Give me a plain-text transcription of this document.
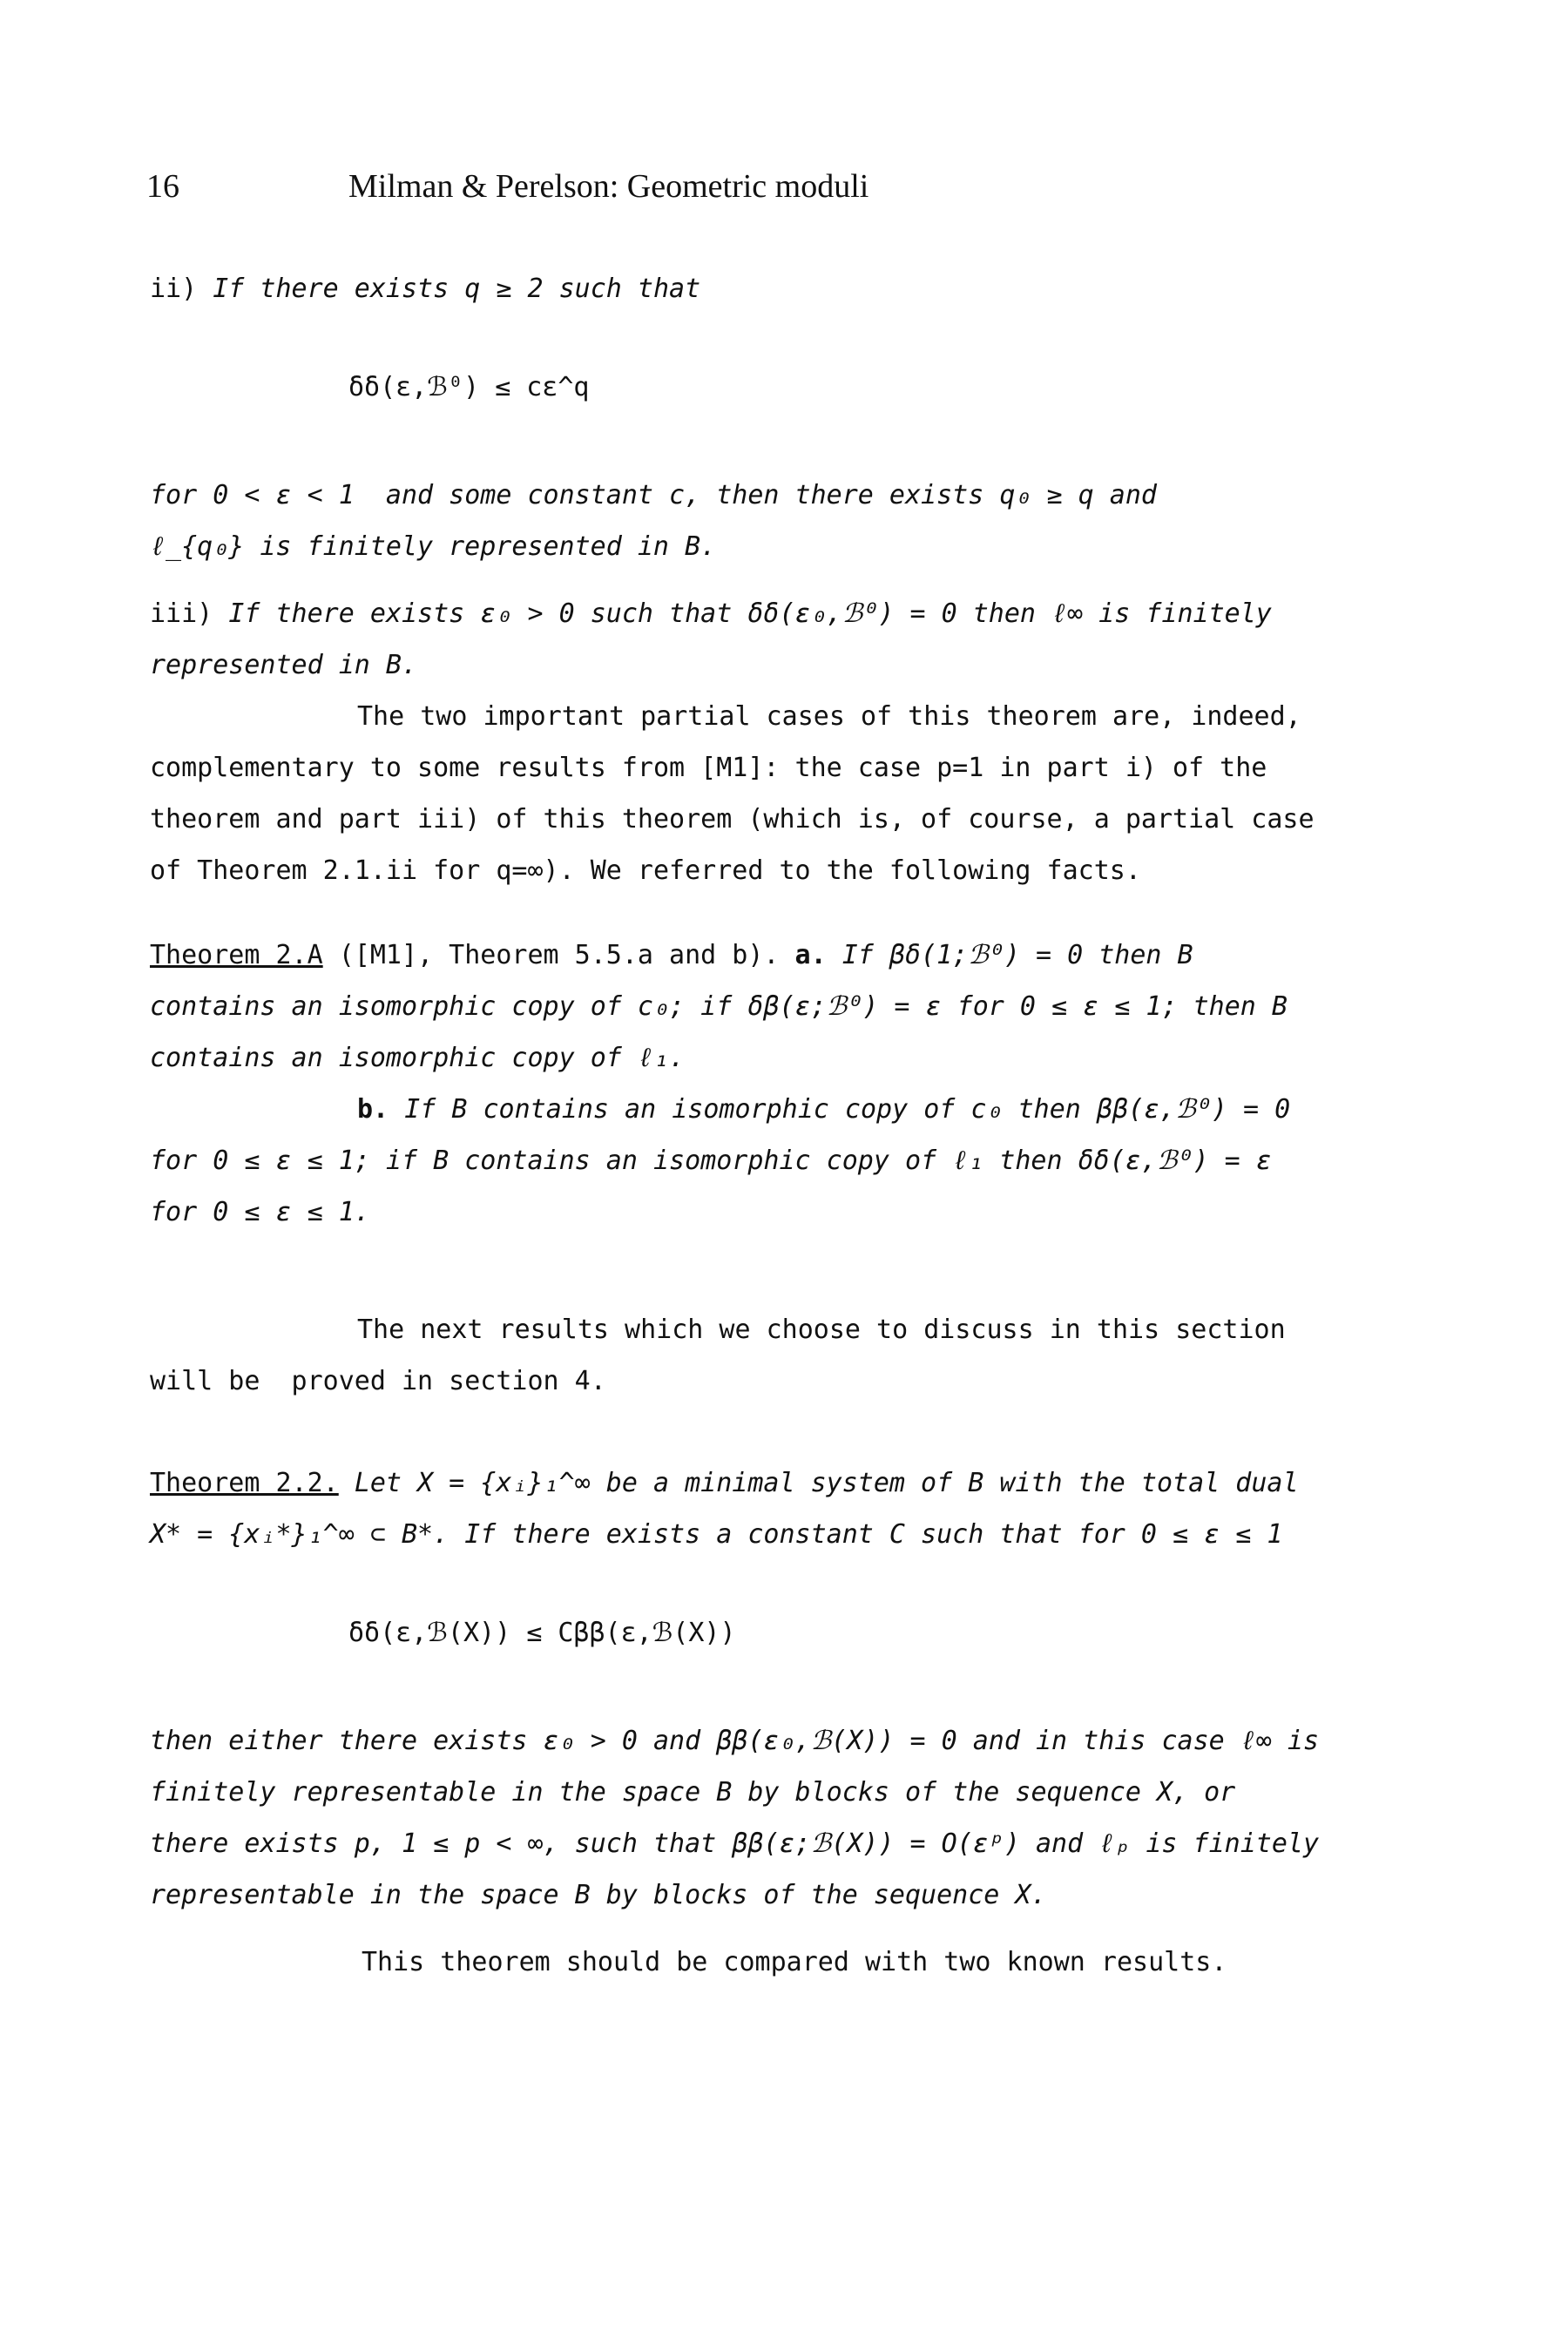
16	Milman & Perelson: Geometric moduli
ii) If there exists q ≥ 2 such that
δδ(ε,ℬ⁰) ≤ cε^q
for 0 < ε < 1  and some constant c, then there exists q₀ ≥ q and
ℓ_{q₀} is finitely represented in B.
iii) If there exists ε₀ > 0 such that δδ(ε₀,ℬ⁰) = 0 then ℓ∞ is finitely
represented in B.
The two important partial cases of this theorem are, indeed,
complementary to some results from [M1]: the case p=1 in part i) of the
theorem and part iii) of this theorem (which is, of course, a partial case
of Theorem 2.1.ii for q=∞). We referred to the following facts.
Theorem 2.A ([M1], Theorem 5.5.a and b). a. If βδ(1;ℬ⁰) = 0 then B
contains an isomorphic copy of c₀; if δβ(ε;ℬ⁰) = ε for 0 ≤ ε ≤ 1; then B
contains an isomorphic copy of ℓ₁.
b. If B contains an isomorphic copy of c₀ then ββ(ε,ℬ⁰) = 0
for 0 ≤ ε ≤ 1; if B contains an isomorphic copy of ℓ₁ then δδ(ε,ℬ⁰) = ε
for 0 ≤ ε ≤ 1.
The next results which we choose to discuss in this section
will be  proved in section 4.
Theorem 2.2. Let X = {xᵢ}₁^∞ be a minimal system of B with the total dual
X* = {xᵢ*}₁^∞ ⊂ B*. If there exists a constant C such that for 0 ≤ ε ≤ 1
δδ(ε,ℬ(X)) ≤ Cββ(ε,ℬ(X))
then either there exists ε₀ > 0 and ββ(ε₀,ℬ(X)) = 0 and in this case ℓ∞ is
finitely representable in the space B by blocks of the sequence X, or
there exists p, 1 ≤ p < ∞, such that ββ(ε;ℬ(X)) = O(εᵖ) and ℓₚ is finitely
representable in the space B by blocks of the sequence X.
This theorem should be compared with two known results.
